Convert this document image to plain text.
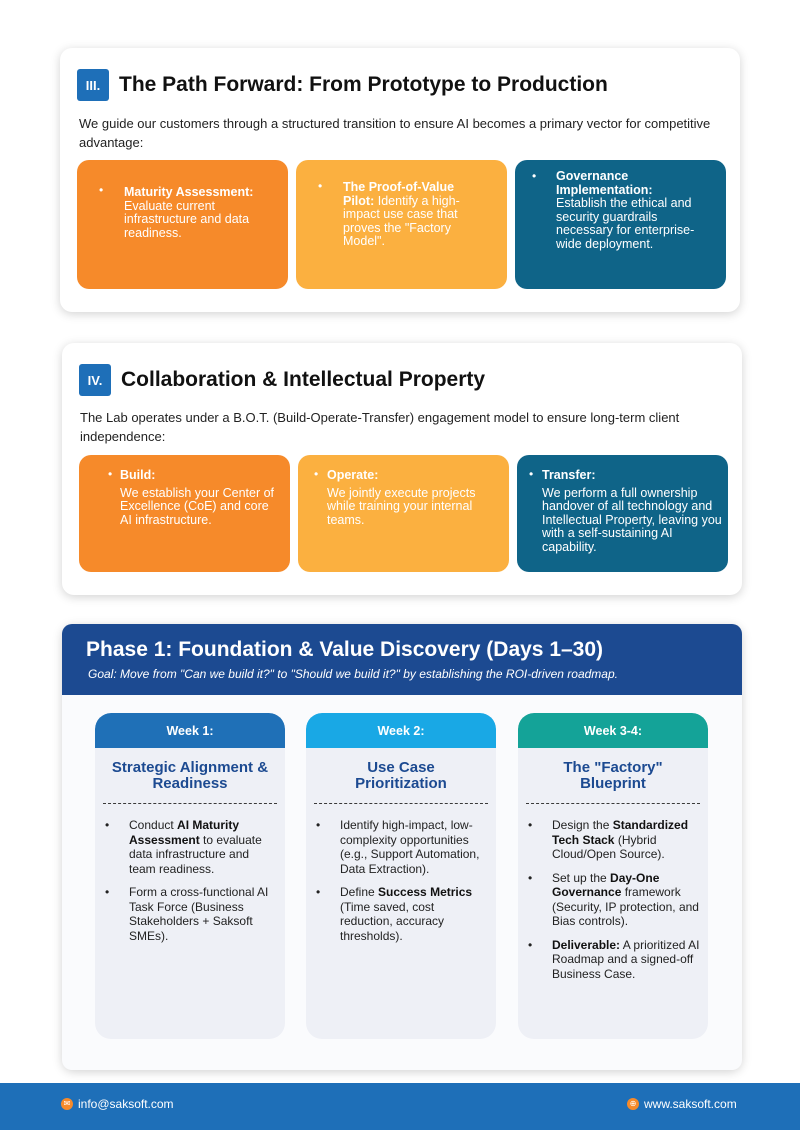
III. The Path Forward: From Prototype to Production
We guide our customers through a structured transition to ensure AI becomes a primary vector for competitive advantage:
• Maturity Assessment:
Evaluate current infrastructure and data readiness.
• The Proof-of-Value Pilot: Identify a high-impact use case that proves the "Factory Model".
• Governance Implementation:
Establish the ethical and security guardrails necessary for enterprise-wide deployment.
IV. Collaboration & Intellectual Property
The Lab operates under a B.O.T. (Build-Operate-Transfer) engagement model to ensure long-term client independence:
• Build:
We establish your Center of Excellence (CoE) and core AI infrastructure.
• Operate:
We jointly execute projects while training your internal teams.
• Transfer:
We perform a full ownership handover of all technology and Intellectual Property, leaving you with a self-sustaining AI capability.
Phase 1: Foundation & Value Discovery (Days 1–30)
Goal: Move from "Can we build it?" to "Should we build it?" by establishing the ROI-driven roadmap.
Week 1:
Strategic Alignment & Readiness
• Conduct AI Maturity Assessment to evaluate data infrastructure and team readiness.
• Form a cross-functional AI Task Force (Business Stakeholders + Saksoft SMEs).
Week 2:
Use Case Prioritization
• Identify high-impact, low-complexity opportunities (e.g., Support Automation, Data Extraction).
• Define Success Metrics (Time saved, cost reduction, accuracy thresholds).
Week 3-4:
The "Factory" Blueprint
• Design the Standardized Tech Stack (Hybrid Cloud/Open Source).
• Set up the Day-One Governance framework (Security, IP protection, and Bias controls).
• Deliverable: A prioritized AI Roadmap and a signed-off Business Case.
✉ info@saksoft.com	⊕ www.saksoft.com
